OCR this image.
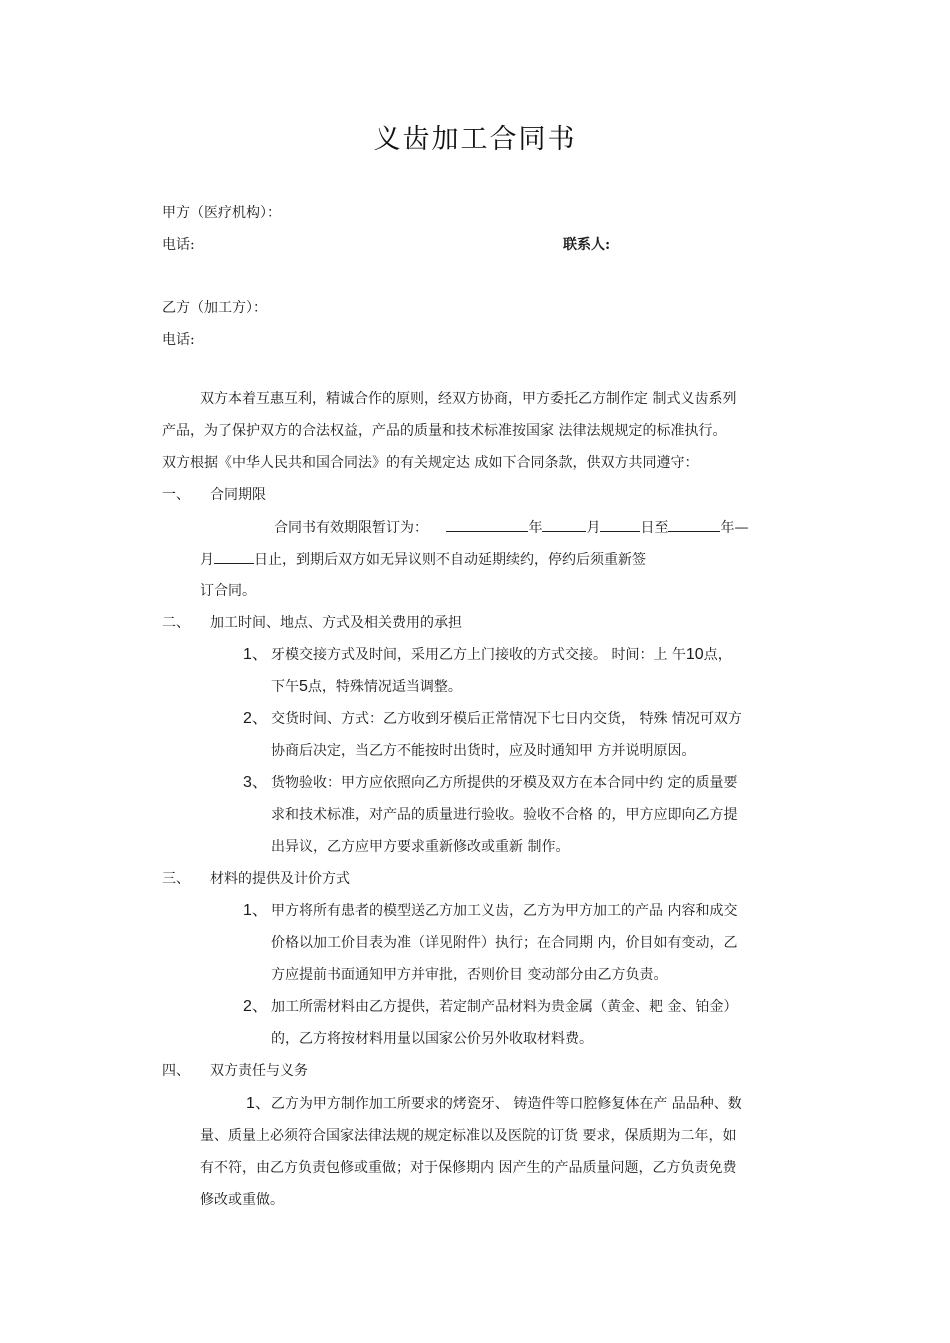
义齿加工合同书
甲方（医疗机构）：
电话:	联系人:
乙方（加工方）：
电话:
双方本着互惠互利，精诚合作的原则，经双方协商，甲方委托乙方制作定 制式义齿系列
产品，为了保护双方的合法权益，产品的质量和技术标准按国家 法律法规规定的标准执行。
双方根据《中华人民共和国合同法》的有关规定达 成如下合同条款，供双方共同遵守：
一、 合同期限
合同书有效期限暂订为：	年	月	日至	年—
月	日止，到期后双方如无异议则不自动延期续约，停约后须重新签
订合同。
二、 加工时间、地点、方式及相关费用的承担
1、 牙模交接方式及时间，采用乙方上门接收的方式交接。 时间：上 午10点，
下午5点，特殊情况适当调整。
2、 交货时间、方式：乙方收到牙模后正常情况下七日内交货， 特殊 情况可双方
协商后决定，当乙方不能按时出货时，应及时通知甲 方并说明原因。
3、 货物验收：甲方应依照向乙方所提供的牙模及双方在本合同中约 定的质量要
求和技术标准，对产品的质量进行验收。验收不合格 的，甲方应即向乙方提
出异议，乙方应甲方要求重新修改或重新 制作。
三、 材料的提供及计价方式
1、 甲方将所有患者的模型送乙方加工义齿，乙方为甲方加工的产品 内容和成交
价格以加工价目表为准（详见附件）执行；在合同期 内，价目如有变动，乙
方应提前书面通知甲方并审批，否则价目 变动部分由乙方负责。
2、 加工所需材料由乙方提供，若定制产品材料为贵金属（黄金、耙 金、铂金）
的，乙方将按材料用量以国家公价另外收取材料费。
四、 双方责任与义务
1、乙方为甲方制作加工所要求的烤瓷牙、 铸造件等口腔修复体在产 品品种、数
量、质量上必须符合国家法律法规的规定标准以及医院的订货 要求，保质期为二年，如
有不符，由乙方负责包修或重做；对于保修期内 因产生的产品质量问题，乙方负责免费
修改或重做。
